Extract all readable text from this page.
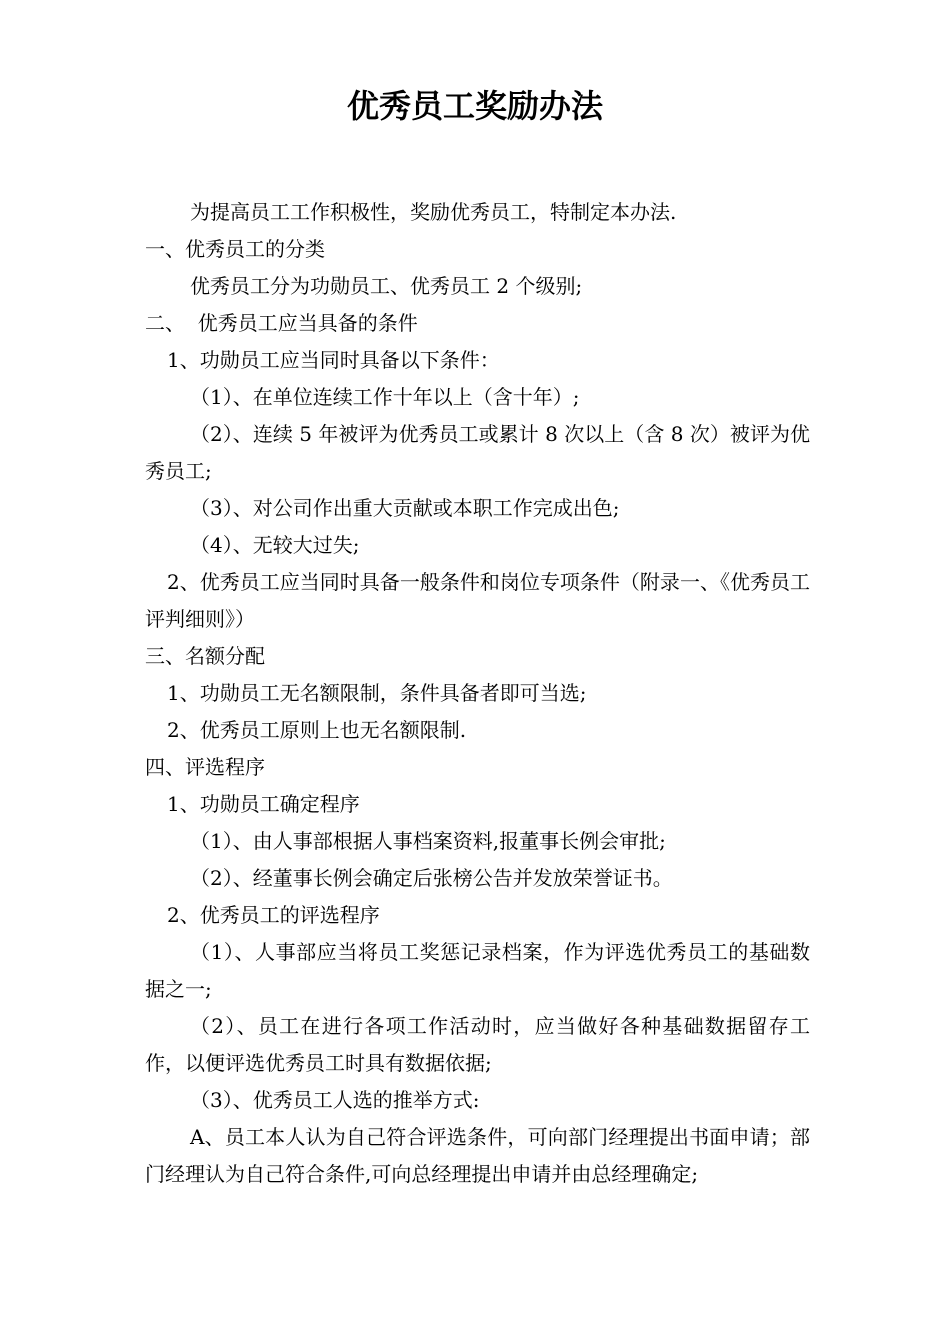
优秀员工奖励办法

为提高员工工作积极性，奖励优秀员工，特制定本办法.

一、优秀员工的分类

优秀员工分为功勋员工、优秀员工 2 个级别;

二、  优秀员工应当具备的条件

1、功勋员工应当同时具备以下条件：

（1）、在单位连续工作十年以上（含十年）;

（2）、连续 5 年被评为优秀员工或累计 8 次以上（含 8 次）被评为优秀员工;

（3）、对公司作出重大贡献或本职工作完成出色;

（4）、无较大过失;

2、优秀员工应当同时具备一般条件和岗位专项条件（附录一、《优秀员工评判细则》）

三、名额分配

1、功勋员工无名额限制，条件具备者即可当选;

2、优秀员工原则上也无名额限制.

四、评选程序

1、功勋员工确定程序

（1）、由人事部根据人事档案资料,报董事长例会审批;

（2）、经董事长例会确定后张榜公告并发放荣誉证书。

2、优秀员工的评选程序

（1）、人事部应当将员工奖惩记录档案，作为评选优秀员工的基础数据之一;

（2）、员工在进行各项工作活动时，应当做好各种基础数据留存工作，以便评选优秀员工时具有数据依据;

（3）、优秀员工人选的推举方式:

A、员工本人认为自己符合评选条件，可向部门经理提出书面申请；部门经理认为自己符合条件,可向总经理提出申请并由总经理确定;
